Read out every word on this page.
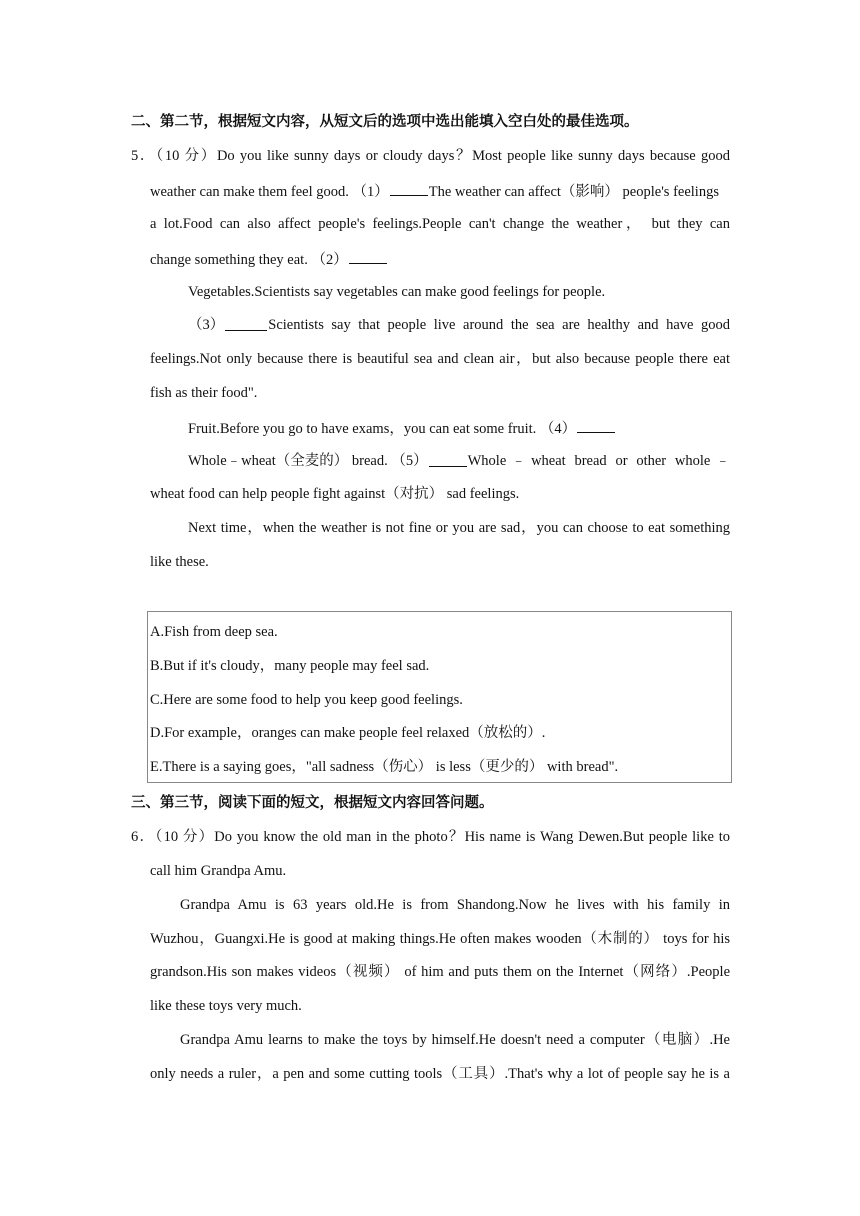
二、第二节，根据短文内容，从短文后的选项中选出能填入空白处的最佳选项。
5．（10 分）Do you like sunny days or cloudy days？Most people like sunny days because good
weather can make them feel good. （1）	The weather can affect（影响） people's feelings
a lot.Food can also affect people's feelings.People can't change the weather， but they can
change something they eat. （2）
Vegetables.Scientists say vegetables can make good feelings for people.
（3）	Scientists say that people live around the sea are healthy and have good
feelings.Not only because there is beautiful sea and clean air，but also because people there eat
fish as their food".
Fruit.Before you go to have exams，you can eat some fruit. （4）
Whole﹣wheat（全麦的） bread. （5）	Whole﹣wheat bread or other whole﹣
wheat food can help people fight against（对抗） sad feelings.
Next time，when the weather is not fine or you are sad，you can choose to eat something
like these.
A.Fish from deep sea.
B.But if it's cloudy，many people may feel sad.
C.Here are some food to help you keep good feelings.
D.For example，oranges can make people feel relaxed（放松的）.
E.There is a saying goes，"all sadness（伤心） is less（更少的） with bread".
三、第三节，阅读下面的短文，根据短文内容回答问题。
6．（10 分）Do you know the old man in the photo？His name is Wang Dewen.But people like to
call him Grandpa Amu.
Grandpa Amu is 63 years old.He is from Shandong.Now he lives with his family in
Wuzhou，Guangxi.He is good at making things.He often makes wooden（木制的） toys for his
grandson.His son makes videos（视频） of him and puts them on the Internet（网络）.People
like these toys very much.
Grandpa Amu learns to make the toys by himself.He doesn't need a computer（电脑）.He
only needs a ruler，a pen and some cutting tools（工具）.That's why a lot of people say he is a
